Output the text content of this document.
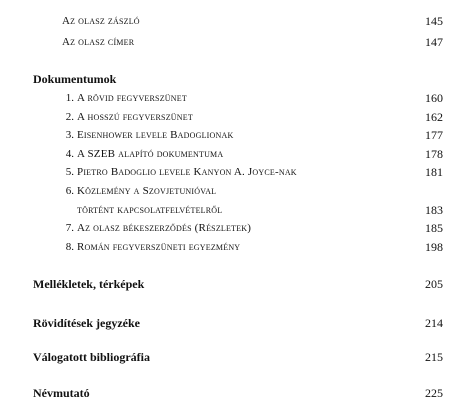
Az olasz zászló	145
Az olasz címer	147
Dokumentumok
1. A rövid fegyverszünet	160
2. A hosszú fegyverszünet	162
3. Eisenhower levele Badoglionak	177
4. A SZEB alapító dokumentuma	178
5. Pietro Badoglio levele Kanyon A. Joyce-nak	181
6. Közlemény a Szovjetunióval
történt kapcsolatfelvételről	183
7. Az olasz békeszerződés (Részletek)	185
8. Román fegyverszüneti egyezmény	198
Mellékletek, térképek	205
Rövidítések jegyzéke	214
Válogatott bibliográfia	215
Névmutató	225
